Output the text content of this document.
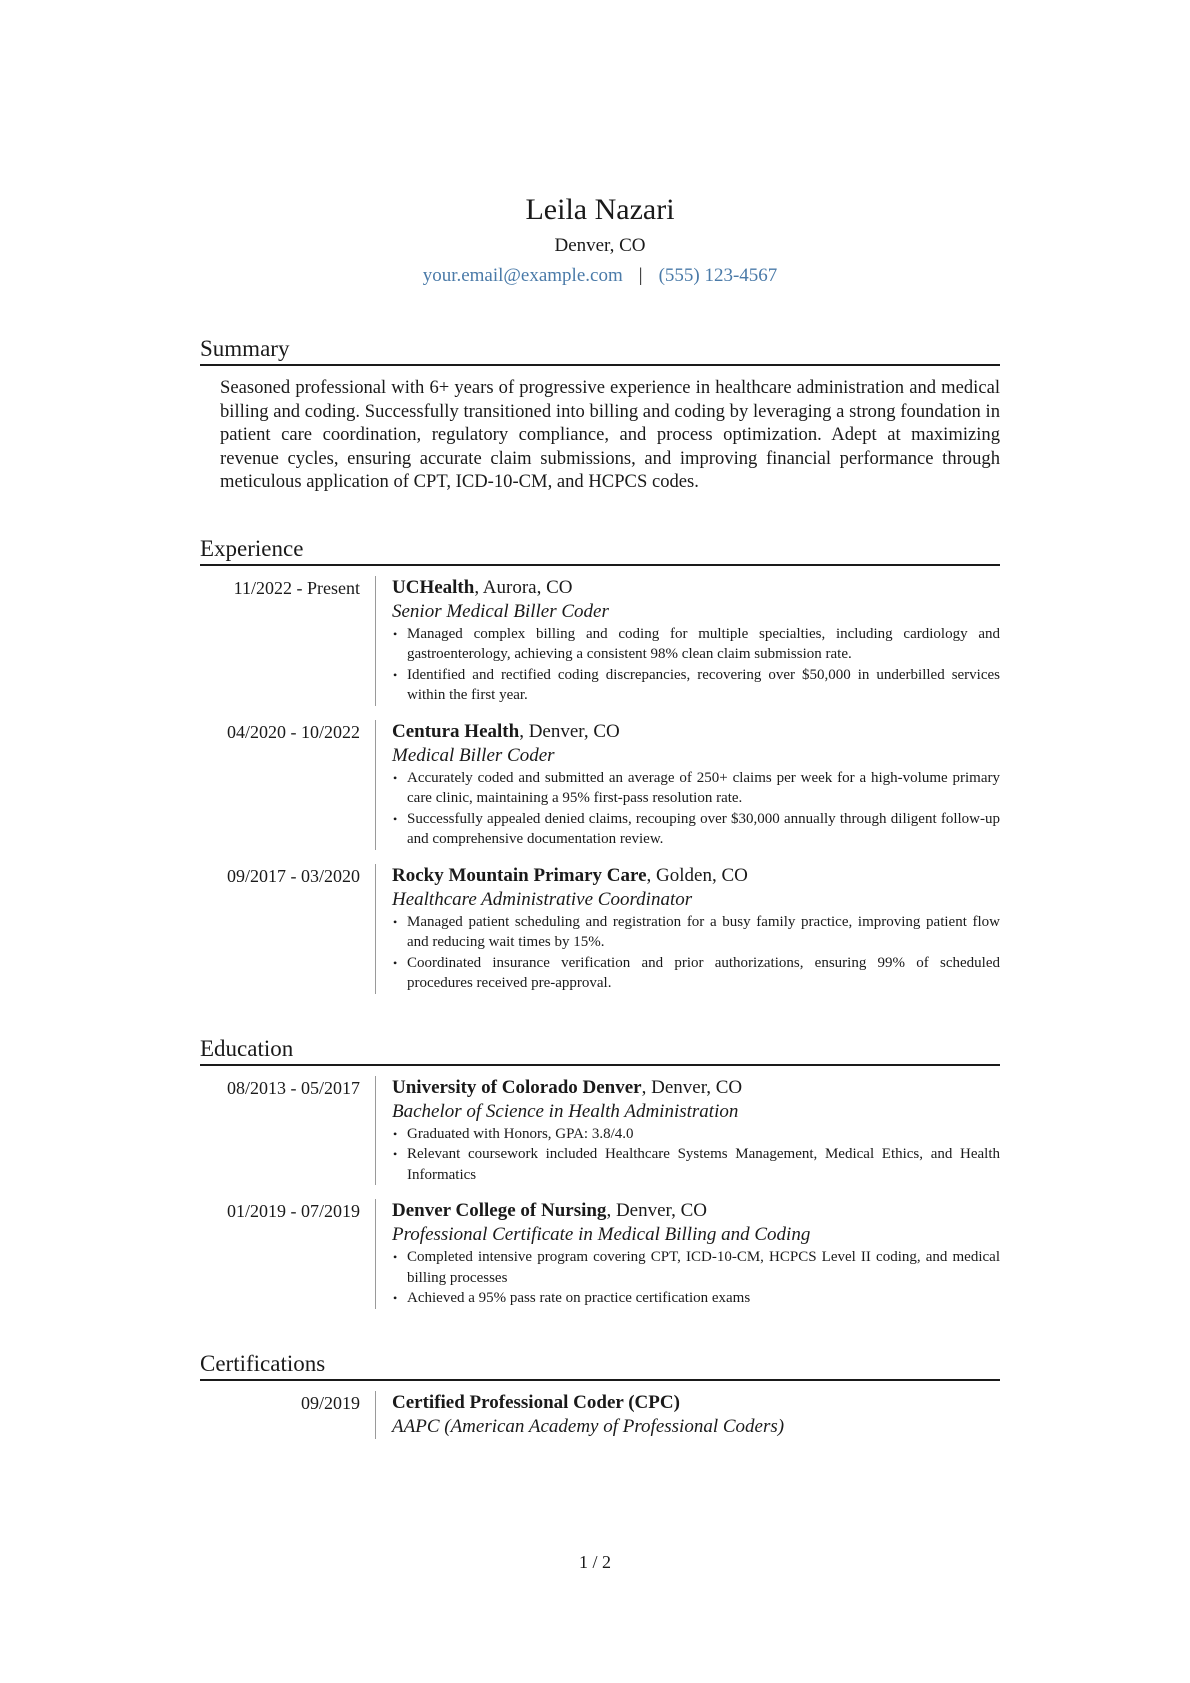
Leila Nazari
Denver, CO
your.email@example.com | (555) 123-4567
Summary
Seasoned professional with 6+ years of progressive experience in healthcare administration and medical billing and coding. Successfully transitioned into billing and coding by leveraging a strong foundation in patient care coordination, regulatory compliance, and process optimization. Adept at maximizing revenue cycles, ensuring accurate claim submissions, and improving financial performance through meticulous application of CPT, ICD-10-CM, and HCPCS codes.
Experience
11/2022 - Present	UCHealth, Aurora, CO
Senior Medical Biller Coder
• Managed complex billing and coding for multiple specialties, including cardiology and gastroenterology, achieving a consistent 98% clean claim submission rate.
• Identified and rectified coding discrepancies, recovering over $50,000 in underbilled services within the first year.
04/2020 - 10/2022	Centura Health, Denver, CO
Medical Biller Coder
• Accurately coded and submitted an average of 250+ claims per week for a high-volume primary care clinic, maintaining a 95% first-pass resolution rate.
• Successfully appealed denied claims, recouping over $30,000 annually through diligent follow-up and comprehensive documentation review.
09/2017 - 03/2020	Rocky Mountain Primary Care, Golden, CO
Healthcare Administrative Coordinator
• Managed patient scheduling and registration for a busy family practice, improving patient flow and reducing wait times by 15%.
• Coordinated insurance verification and prior authorizations, ensuring 99% of scheduled procedures received pre-approval.
Education
08/2013 - 05/2017	University of Colorado Denver, Denver, CO
Bachelor of Science in Health Administration
• Graduated with Honors, GPA: 3.8/4.0
• Relevant coursework included Healthcare Systems Management, Medical Ethics, and Health Informatics
01/2019 - 07/2019	Denver College of Nursing, Denver, CO
Professional Certificate in Medical Billing and Coding
• Completed intensive program covering CPT, ICD-10-CM, HCPCS Level II coding, and medical billing processes
• Achieved a 95% pass rate on practice certification exams
Certifications
09/2019	Certified Professional Coder (CPC)
AAPC (American Academy of Professional Coders)
1 / 2
